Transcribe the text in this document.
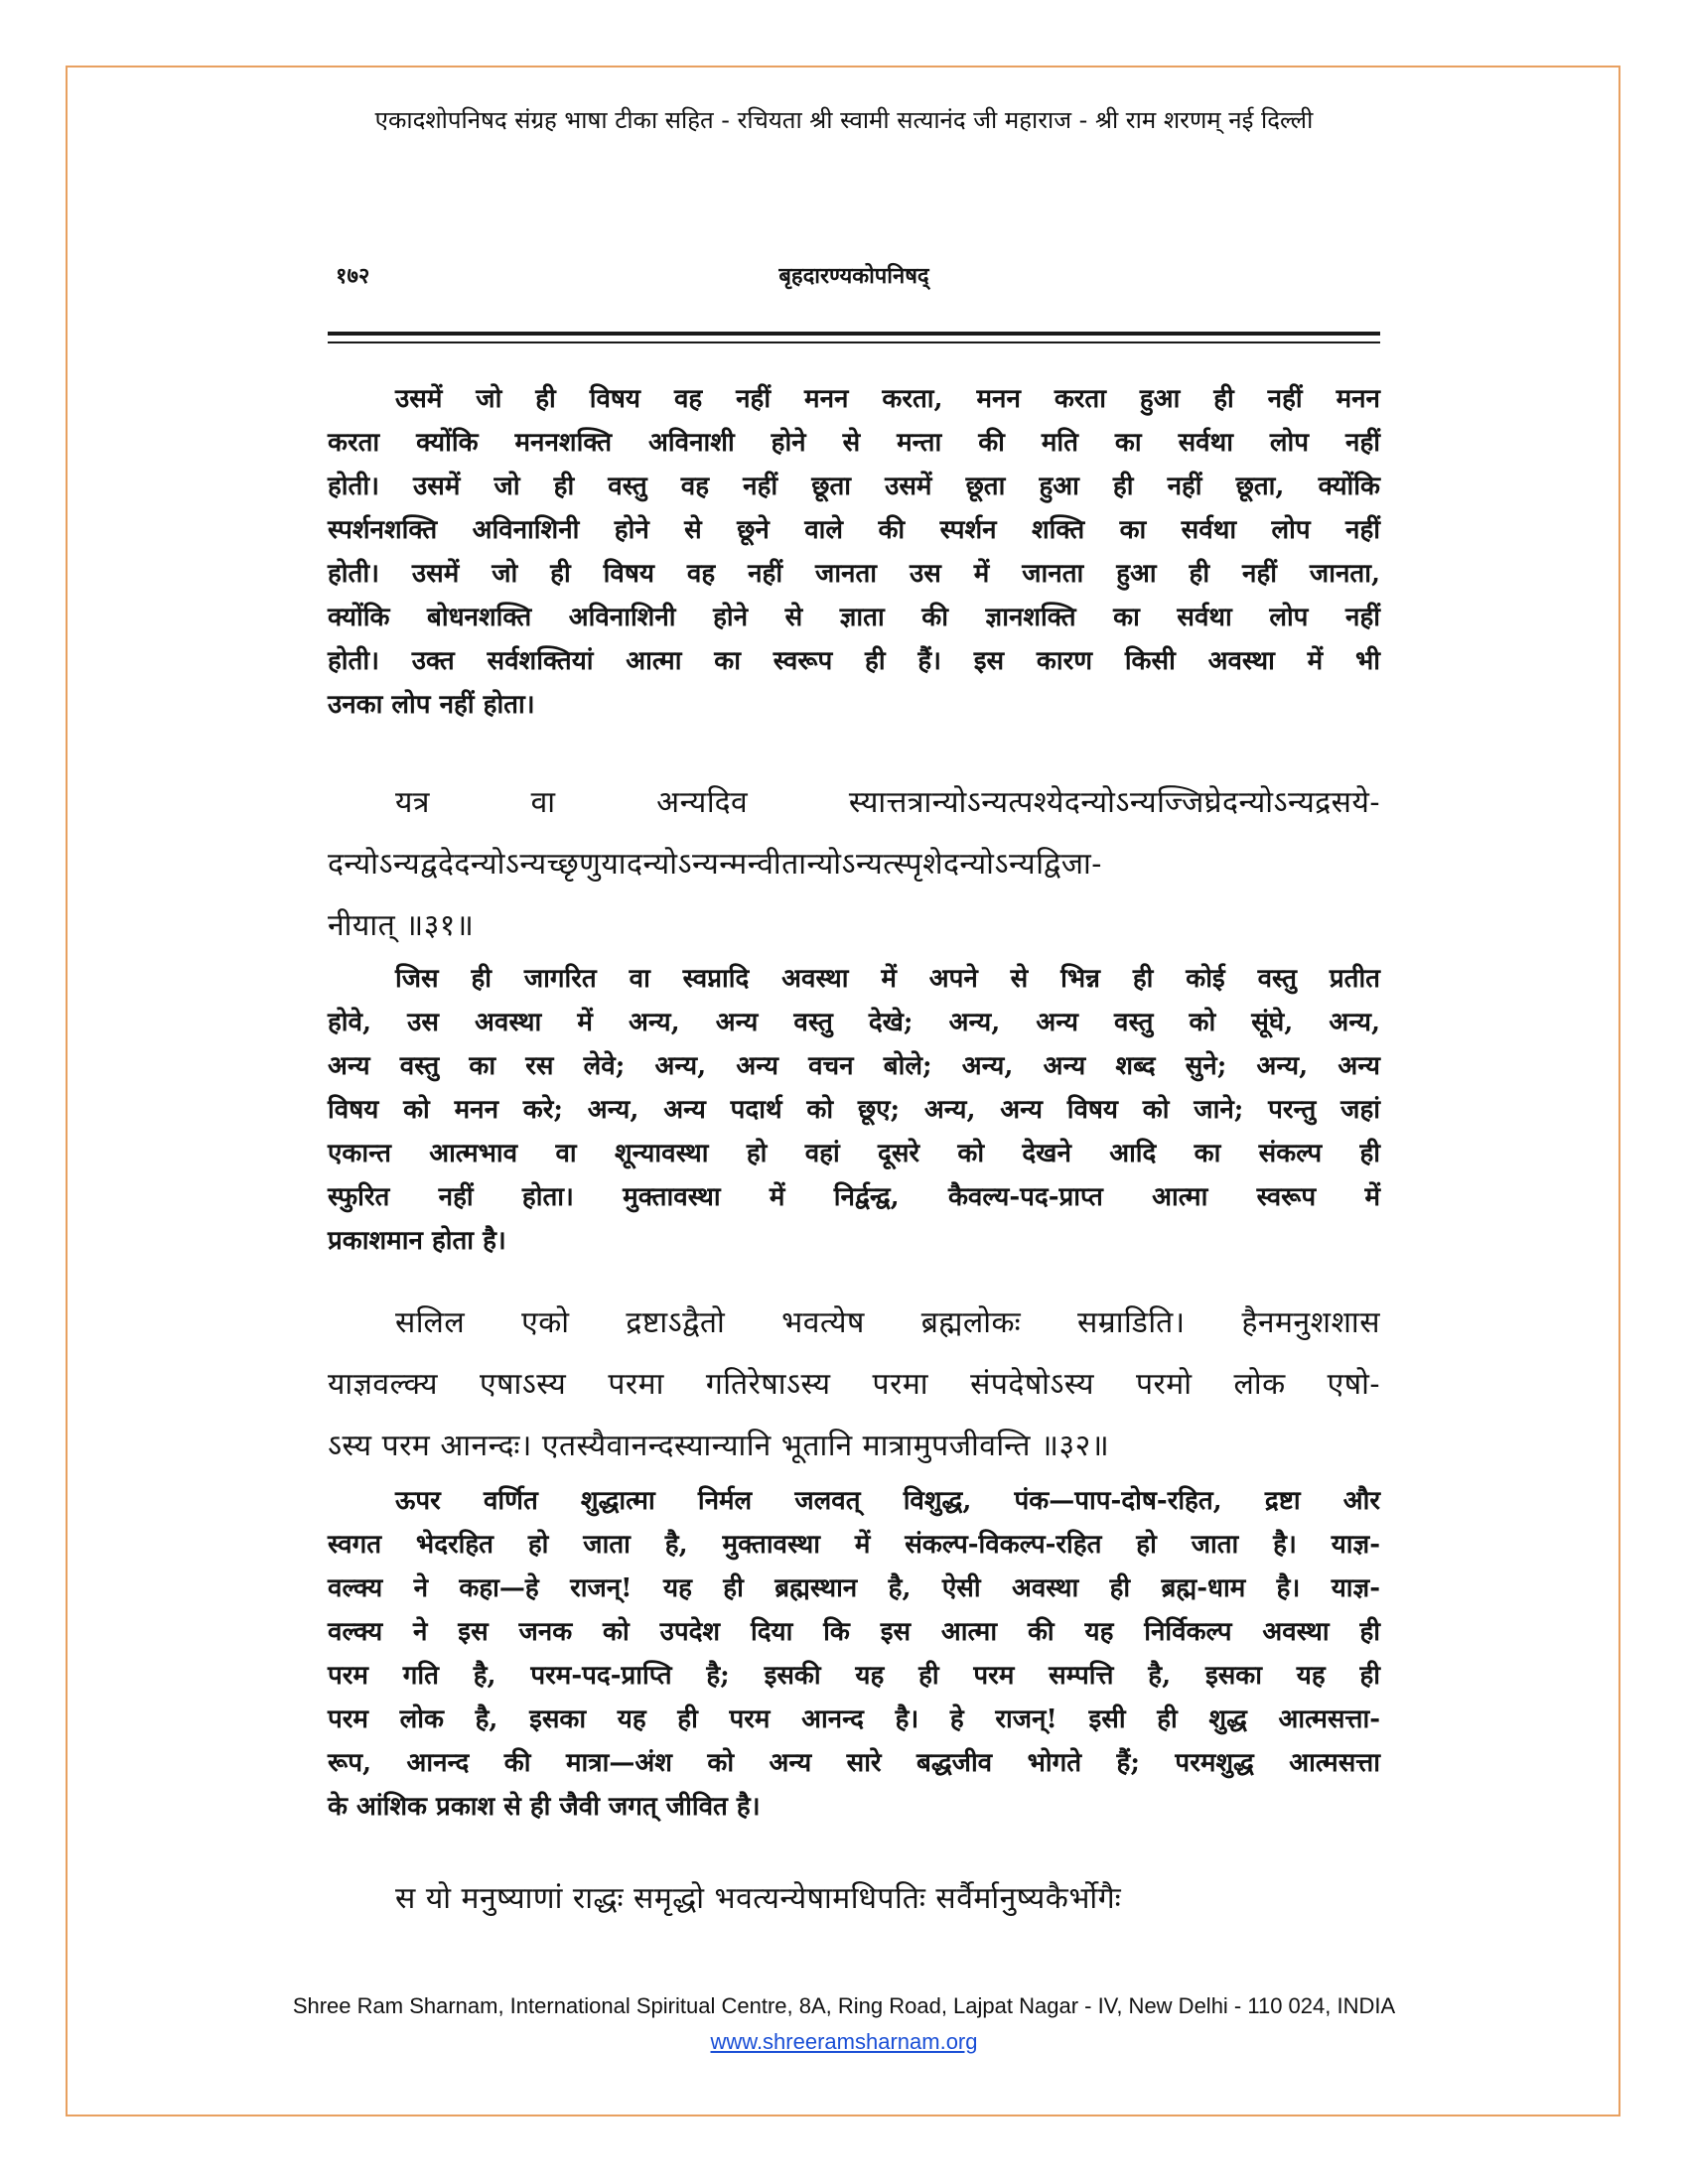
एकादशोपनिषद संग्रह भाषा टीका सहित - रचियता श्री स्वामी सत्यानंद जी महाराज - श्री राम शरणम् नई दिल्ली
१७२	बृहदारण्यकोपनिषद्
उसमें जो ही विषय वह नहीं मनन करता, मनन करता हुआ ही नहीं मनन
करता क्योंकि मननशक्ति अविनाशी होने से मन्ता की मति का सर्वथा लोप नहीं
होती। उसमें जो ही वस्तु वह नहीं छूता उसमें छूता हुआ ही नहीं छूता, क्योंकि
स्पर्शनशक्ति अविनाशिनी होने से छूने वाले की स्पर्शन शक्ति का सर्वथा लोप नहीं
होती। उसमें जो ही विषय वह नहीं जानता उस में जानता हुआ ही नहीं जानता,
क्योंकि बोधनशक्ति अविनाशिनी होने से ज्ञाता की ज्ञानशक्ति का सर्वथा लोप नहीं
होती। उक्त सर्वशक्तियां आत्मा का स्वरूप ही हैं। इस कारण किसी अवस्था में भी
उनका लोप नहीं होता।
यत्र वा अन्यदिव स्यात्तत्रान्योऽन्यत्पश्येदन्योऽन्यज्जिघ्रेदन्योऽन्यद्रसये-
दन्योऽन्यद्वदेदन्योऽन्यच्छृणुयादन्योऽन्यन्मन्वीतान्योऽन्यत्स्पृशेदन्योऽन्यद्विजा-
नीयात् ॥३१॥
जिस ही जागरित वा स्वप्नादि अवस्था में अपने से भिन्न ही कोई वस्तु प्रतीत
होवे, उस अवस्था में अन्य, अन्य वस्तु देखे; अन्य, अन्य वस्तु को सूंघे, अन्य,
अन्य वस्तु का रस लेवे; अन्य, अन्य वचन बोले; अन्य, अन्य शब्द सुने; अन्य, अन्य
विषय को मनन करे; अन्य, अन्य पदार्थ को छूए; अन्य, अन्य विषय को जाने; परन्तु जहां
एकान्त आत्मभाव वा शून्यावस्था हो वहां दूसरे को देखने आदि का संकल्प ही
स्फुरित नहीं होता। मुक्तावस्था में निर्द्वन्द्व, कैवल्य-पद-प्राप्त आत्मा स्वरूप में
प्रकाशमान होता है।
सलिल एको द्रष्टाऽद्वैतो भवत्येष ब्रह्मलोकः सम्राडिति। हैनमनुशशास
याज्ञवल्क्य एषाऽस्य परमा गतिरेषाऽस्य परमा संपदेषोऽस्य परमो लोक एषो-
ऽस्य परम आनन्दः। एतस्यैवानन्दस्यान्यानि भूतानि मात्रामुपजीवन्ति ॥३२॥
ऊपर वर्णित शुद्धात्मा निर्मल जलवत् विशुद्ध, पंक—पाप-दोष-रहित, द्रष्टा और
स्वगत भेदरहित हो जाता है, मुक्तावस्था में संकल्प-विकल्प-रहित हो जाता है। याज्ञ-
वल्क्य ने कहा—हे राजन्! यह ही ब्रह्मस्थान है, ऐसी अवस्था ही ब्रह्म-धाम है। याज्ञ-
वल्क्य ने इस जनक को उपदेश दिया कि इस आत्मा की यह निर्विकल्प अवस्था ही
परम गति है, परम-पद-प्राप्ति है; इसकी यह ही परम सम्पत्ति है, इसका यह ही
परम लोक है, इसका यह ही परम आनन्द है। हे राजन्! इसी ही शुद्ध आत्मसत्ता-
रूप, आनन्द की मात्रा—अंश को अन्य सारे बद्धजीव भोगते हैं; परमशुद्ध आत्मसत्ता
के आंशिक प्रकाश से ही जैवी जगत् जीवित है।
स यो मनुष्याणां राद्धः समृद्धो भवत्यन्येषामधिपतिः सर्वैर्मानुष्यकैर्भोगैः
Shree Ram Sharnam, International Spiritual Centre, 8A, Ring Road, Lajpat Nagar - IV, New Delhi - 110 024, INDIA
www.shreeramsharnam.org
